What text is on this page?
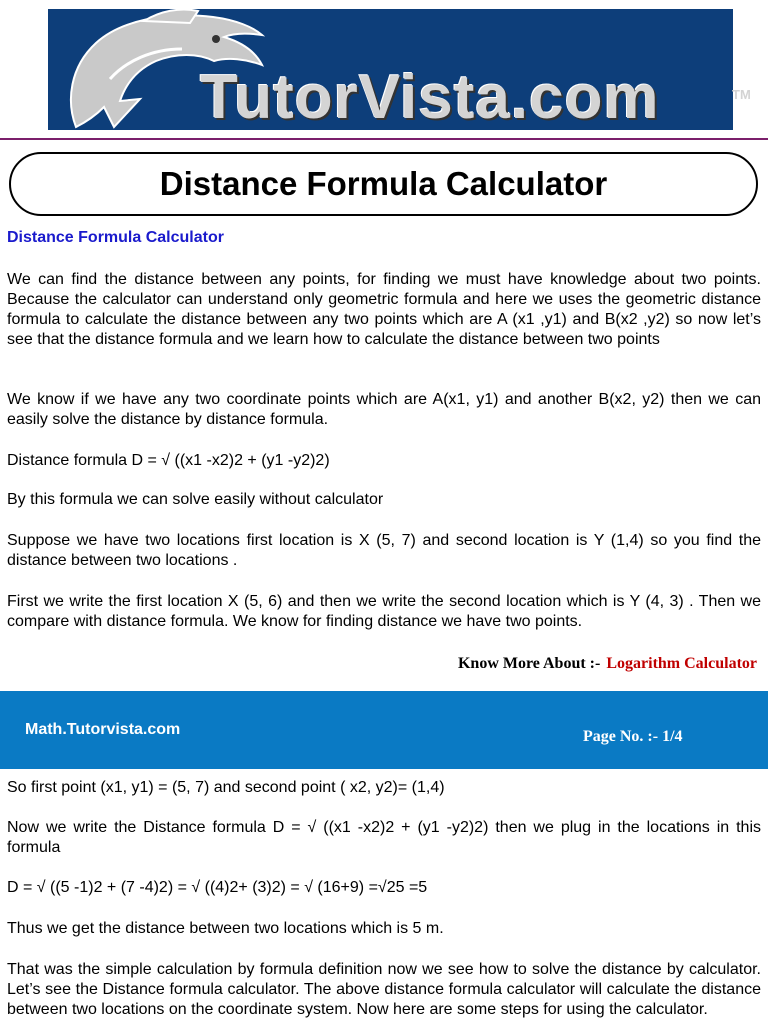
TutorVista.com	TM
Distance Formula Calculator
Distance Formula Calculator

We can find the distance between any points, for finding we must have knowledge about two points. Because the calculator can understand only geometric formula and here we uses the geometric distance formula to calculate the distance between any two points which are A (x1 ,y1) and B(x2 ,y2) so now let’s see that the distance formula and we learn how to calculate the distance between two points

We know if we have any two coordinate points which are A(x1, y1) and another B(x2, y2) then we can easily solve the distance by distance formula.

Distance formula D = √ ((x1 -x2)2 + (y1 -y2)2)

By this formula we can solve easily without calculator

Suppose we have two locations first location is X (5, 7) and second location is Y (1,4) so you find the distance between two locations .

First we write the first location X (5, 6) and then we write the second location which is Y (4, 3) . Then we compare with distance formula. We know for finding distance we have two points.

Know More About :- Logarithm Calculator
Math.Tutorvista.com	Page No. :- 1/4

So first point (x1, y1) = (5, 7) and second point ( x2, y2)= (1,4)

Now we write the Distance formula D = √ ((x1 -x2)2 + (y1 -y2)2) then we plug in the locations in this formula

D = √ ((5 -1)2 + (7 -4)2) = √ ((4)2+ (3)2) = √ (16+9) =√25 =5

Thus we get the distance between two locations which is 5 m.

That was the simple calculation by formula definition now we see how to solve the distance by calculator. Let’s see the Distance formula calculator. The above distance formula calculator will calculate the distance between two locations on the coordinate system. Now here are some steps for using the calculator.
